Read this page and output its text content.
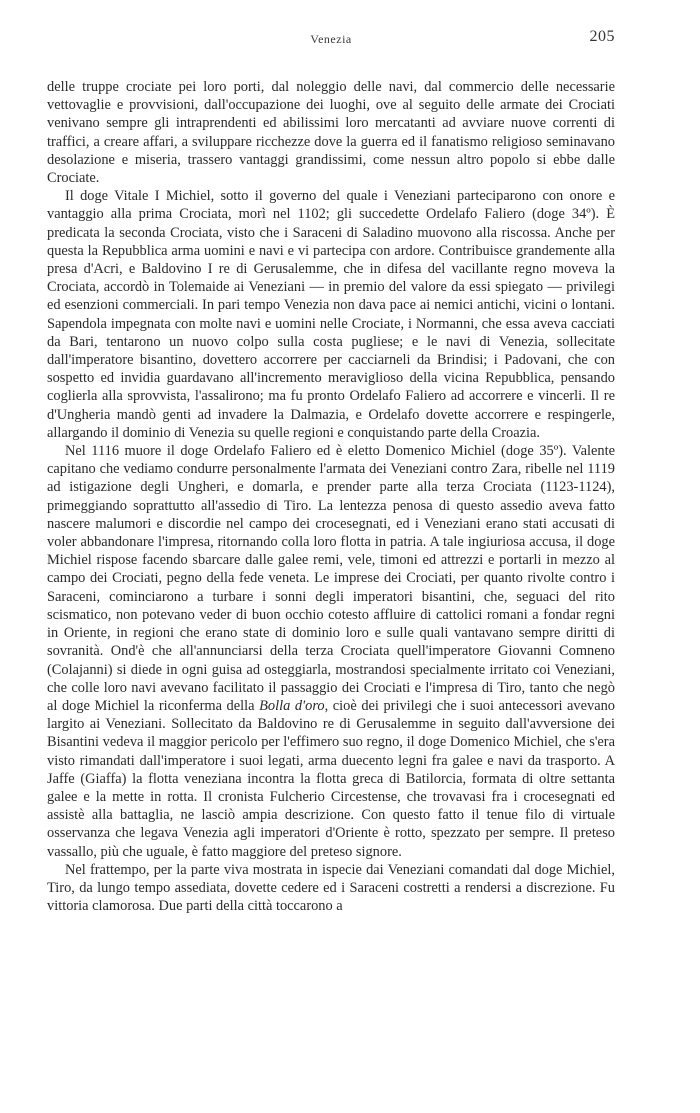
Venezia	205

delle truppe crociate pei loro porti, dal noleggio delle navi, dal commercio delle necessarie vettovaglie e provvisioni, dall'occupazione dei luoghi, ove al seguito delle armate dei Crociati venivano sempre gli intraprendenti ed abilissimi loro mercatanti ad avviare nuove correnti di traffici, a creare affari, a sviluppare ricchezze dove la guerra ed il fanatismo religioso seminavano desolazione e miseria, trassero vantaggi grandissimi, come nessun altro popolo si ebbe dalle Crociate.

Il doge Vitale I Michiel, sotto il governo del quale i Veneziani parteciparono con onore e vantaggio alla prima Crociata, morì nel 1102; gli succedette Ordelafo Faliero (doge 34º). È predicata la seconda Crociata, visto che i Saraceni di Saladino muovono alla riscossa. Anche per questa la Repubblica arma uomini e navi e vi partecipa con ardore. Contribuisce grandemente alla presa d'Acri, e Baldovino I re di Gerusalemme, che in difesa del vacillante regno moveva la Crociata, accordò in Tolemaide ai Veneziani — in premio del valore da essi spiegato — privilegi ed esenzioni commerciali. In pari tempo Venezia non dava pace ai nemici antichi, vicini o lontani. Sapendola impegnata con molte navi e uomini nelle Crociate, i Normanni, che essa aveva cacciati da Bari, tentarono un nuovo colpo sulla costa pugliese; e le navi di Venezia, sollecitate dall'imperatore bisantino, dovettero accorrere per cacciarneli da Brindisi; i Padovani, che con sospetto ed invidia guardavano all'incremento meraviglioso della vicina Repubblica, pensando coglierla alla sprovvista, l'assalirono; ma fu pronto Ordelafo Faliero ad accorrere e vincerli. Il re d'Ungheria mandò genti ad invadere la Dalmazia, e Ordelafo dovette accorrere e respingerle, allargando il dominio di Venezia su quelle regioni e conquistando parte della Croazia.

Nel 1116 muore il doge Ordelafo Faliero ed è eletto Domenico Michiel (doge 35º). Valente capitano che vediamo condurre personalmente l'armata dei Veneziani contro Zara, ribelle nel 1119 ad istigazione degli Ungheri, e domarla, e prender parte alla terza Crociata (1123-1124), primeggiando soprattutto all'assedio di Tiro. La lentezza penosa di questo assedio aveva fatto nascere malumori e discordie nel campo dei crocesegnati, ed i Veneziani erano stati accusati di voler abbandonare l'impresa, ritornando colla loro flotta in patria. A tale ingiuriosa accusa, il doge Michiel rispose facendo sbarcare dalle galee remi, vele, timoni ed attrezzi e portarli in mezzo al campo dei Crociati, pegno della fede veneta. Le imprese dei Crociati, per quanto rivolte contro i Saraceni, cominciarono a turbare i sonni degli imperatori bisantini, che, seguaci del rito scismatico, non potevano veder di buon occhio cotesto affluire di cattolici romani a fondar regni in Oriente, in regioni che erano state di dominio loro e sulle quali vantavano sempre diritti di sovranità. Ond'è che all'annunciarsi della terza Crociata quell'imperatore Giovanni Comneno (Colajanni) si diede in ogni guisa ad osteggiarla, mostrandosi specialmente irritato coi Veneziani, che colle loro navi avevano facilitato il passaggio dei Crociati e l'impresa di Tiro, tanto che negò al doge Michiel la riconferma della Bolla d'oro, cioè dei privilegi che i suoi antecessori avevano largito ai Veneziani. Sollecitato da Baldovino re di Gerusalemme in seguito dall'avversione dei Bisantini vedeva il maggior pericolo per l'effimero suo regno, il doge Domenico Michiel, che s'era visto rimandati dall'imperatore i suoi legati, arma duecento legni fra galee e navi da trasporto. A Jaffe (Giaffa) la flotta veneziana incontra la flotta greca di Batilorcia, formata di oltre settanta galee e la mette in rotta. Il cronista Fulcherio Circestense, che trovavasi fra i crocesegnati ed assistè alla battaglia, ne lasciò ampia descrizione. Con questo fatto il tenue filo di virtuale osservanza che legava Venezia agli imperatori d'Oriente è rotto, spezzato per sempre. Il preteso vassallo, più che uguale, è fatto maggiore del preteso signore.

Nel frattempo, per la parte viva mostrata in ispecie dai Veneziani comandati dal doge Michiel, Tiro, da lungo tempo assediata, dovette cedere ed i Saraceni costretti a rendersi a discrezione. Fu vittoria clamorosa. Due parti della città toccarono a
